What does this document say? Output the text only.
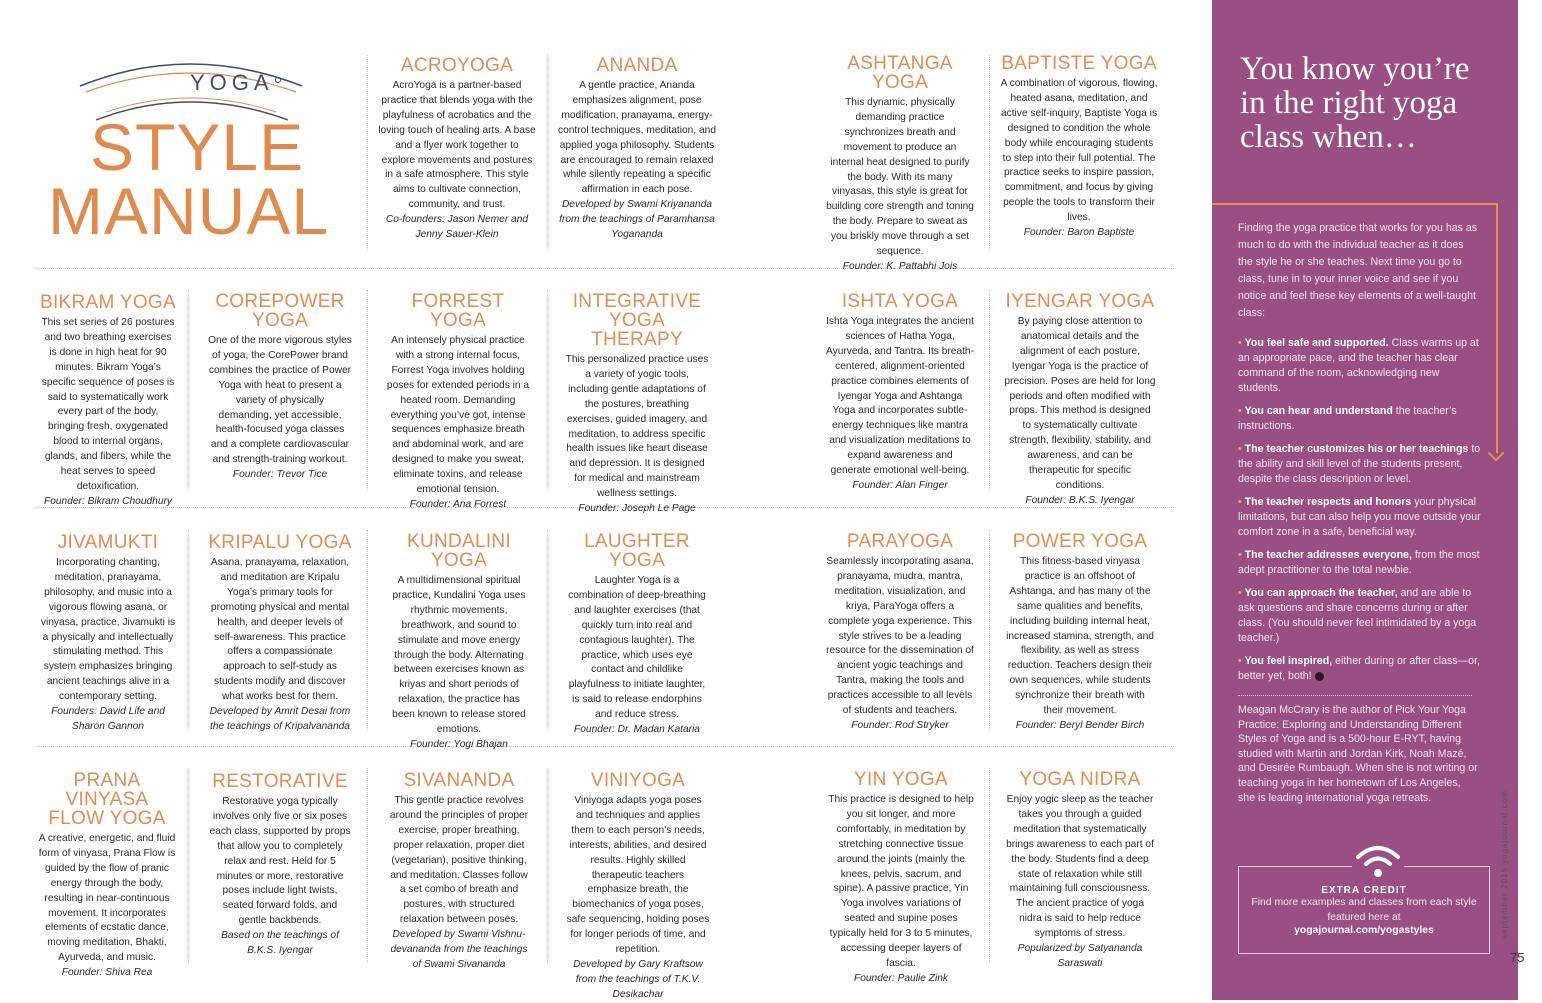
YOGA
STYLE
MANUAL
ACROYOGA

AcroYoga is a partner-based practice that blends yoga with the playfulness of acrobatics and the loving touch of healing arts. A base and a flyer work together to explore movements and postures in a safe atmosphere. This style aims to cultivate connection, community, and trust.

Co-founders: Jason Nemer and Jenny Sauer-Klein

ANANDA

A gentle practice, Ananda emphasizes alignment, pose modification, pranayama, energy-control techniques, meditation, and applied yoga philosophy. Students are encouraged to remain relaxed while silently repeating a specific affirmation in each pose.

Developed by Swami Kriyananda from the teachings of Paramhansa Yogananda

ASHTANGA YOGA

This dynamic, physically demanding practice synchronizes breath and movement to produce an internal heat designed to purify the body. With its many vinyasas, this style is great for building core strength and toning the body. Prepare to sweat as you briskly move through a set sequence.

Founder: K. Pattabhi Jois

BAPTISTE YOGA

A combination of vigorous, flowing, heated asana, meditation, and active self-inquiry, Baptiste Yoga is designed to condition the whole body while encouraging students to step into their full potential. The practice seeks to inspire passion, commitment, and focus by giving people the tools to transform their lives.

Founder: Baron Baptiste

BIKRAM YOGA

This set series of 26 postures and two breathing exercises is done in high heat for 90 minutes. Bikram Yoga’s specific sequence of poses is said to systematically work every part of the body, bringing fresh, oxygenated blood to internal organs, glands, and fibers, while the heat serves to speed detoxification.

Founder: Bikram Choudhury

COREPOWER YOGA

One of the more vigorous styles of yoga, the CorePower brand combines the practice of Power Yoga with heat to present a variety of physically demanding, yet accessible, health-focused yoga classes and a complete cardiovascular and strength-training workout.

Founder: Trevor Tice

FORREST YOGA

An intensely physical practice with a strong internal focus, Forrest Yoga involves holding poses for extended periods in a heated room. Demanding everything you’ve got, intense sequences emphasize breath and abdominal work, and are designed to make you sweat, eliminate toxins, and release emotional tension.

Founder: Ana Forrest

INTEGRATIVE YOGA THERAPY

This personalized practice uses a variety of yogic tools, including gentle adaptations of the postures, breathing exercises, guided imagery, and meditation, to address specific health issues like heart disease and depression. It is designed for medical and mainstream wellness settings.

Founder: Joseph Le Page

ISHTA YOGA

Ishta Yoga integrates the ancient sciences of Hatha Yoga, Ayurveda, and Tantra. Its breath-centered, alignment-oriented practice combines elements of Iyengar Yoga and Ashtanga Yoga and incorporates subtle-energy techniques like mantra and visualization meditations to expand awareness and generate emotional well-being.

Founder: Alan Finger

IYENGAR YOGA

By paying close attention to anatomical details and the alignment of each posture, Iyengar Yoga is the practice of precision. Poses are held for long periods and often modified with props. This method is designed to systematically cultivate strength, flexibility, stability, and awareness, and can be therapeutic for specific conditions.

Founder: B.K.S. Iyengar

JIVAMUKTI

Incorporating chanting, meditation, pranayama, philosophy, and music into a vigorous flowing asana, or vinyasa, practice, Jivamukti is a physically and intellectually stimulating method. This system emphasizes bringing ancient teachings alive in a contemporary setting.

Founders: David Life and Sharon Gannon

KRIPALU YOGA

Asana, pranayama, relaxation, and meditation are Kripalu Yoga’s primary tools for promoting physical and mental health, and deeper levels of self-awareness. This practice offers a compassionate approach to self-study as students modify and discover what works best for them.

Developed by Amrit Desai from the teachings of Kripalvananda

KUNDALINI YOGA

A multidimensional spiritual practice, Kundalini Yoga uses rhythmic movements, breathwork, and sound to stimulate and move energy through the body. Alternating between exercises known as kriyas and short periods of relaxation, the practice has been known to release stored emotions.

Founder: Yogi Bhajan

LAUGHTER YOGA

Laughter Yoga is a combination of deep-breathing and laughter exercises (that quickly turn into real and contagious laughter). The practice, which uses eye contact and childlike playfulness to initiate laughter, is said to release endorphins and reduce stress.

Founder: Dr. Madan Kataria

PARAYOGA

Seamlessly incorporating asana, pranayama, mudra, mantra, meditation, visualization, and kriya, ParaYoga offers a complete yoga experience. This style strives to be a leading resource for the dissemination of ancient yogic teachings and Tantra, making the tools and practices accessible to all levels of students and teachers.

Founder: Rod Stryker

POWER YOGA

This fitness-based vinyasa practice is an offshoot of Ashtanga, and has many of the same qualities and benefits, including building internal heat, increased stamina, strength, and flexibility, as well as stress reduction. Teachers design their own sequences, while students synchronize their breath with their movement.

Founder: Beryl Bender Birch

PRANA VINYASA FLOW YOGA

A creative, energetic, and fluid form of vinyasa, Prana Flow is guided by the flow of pranic energy through the body, resulting in near-continuous movement. It incorporates elements of ecstatic dance, moving meditation, Bhakti, Ayurveda, and music.

Founder: Shiva Rea

RESTORATIVE

Restorative yoga typically involves only five or six poses each class, supported by props that allow you to completely relax and rest. Held for 5 minutes or more, restorative poses include light twists, seated forward folds, and gentle backbends.

Based on the teachings of B.K.S. Iyengar

SIVANANDA

This gentle practice revolves around the principles of proper exercise, proper breathing, proper relaxation, proper diet (vegetarian), positive thinking, and meditation. Classes follow a set combo of breath and postures, with structured relaxation between poses.

Developed by Swami Vishnu-devananda from the teachings of Swami Sivananda

VINIYOGA

Viniyoga adapts yoga poses and techniques and applies them to each person’s needs, interests, abilities, and desired results. Highly skilled therapeutic teachers emphasize breath, the biomechanics of yoga poses, safe sequencing, holding poses for longer periods of time, and repetition.

Developed by Gary Kraftsow from the teachings of T.K.V. Desikachar

YIN YOGA

This practice is designed to help you sit longer, and more comfortably, in meditation by stretching connective tissue around the joints (mainly the knees, pelvis, sacrum, and spine). A passive practice, Yin Yoga involves variations of seated and supine poses typically held for 3 to 5 minutes, accessing deeper layers of fascia.

Founder: Paulie Zink

YOGA NIDRA

Enjoy yogic sleep as the teacher takes you through a guided meditation that systematically brings awareness to each part of the body. Students find a deep state of relaxation while still maintaining full consciousness. The ancient practice of yoga nidra is said to help reduce symptoms of stress.

Popularized by Satyananda Saraswati

You know you’re in the right yoga class when…
Finding the yoga practice that works for you has as much to do with the individual teacher as it does the style he or she teaches. Next time you go to class, tune in to your inner voice and see if you notice and feel these key elements of a well-taught class:
• You feel safe and supported. Class warms up at an appropriate pace, and the teacher has clear command of the room, acknowledging new students.
• You can hear and understand the teacher’s instructions.
• The teacher customizes his or her teachings to the ability and skill level of the students present, despite the class description or level.
• The teacher respects and honors your physical limitations, but can also help you move outside your comfort zone in a safe, beneficial way.
• The teacher addresses everyone, from the most adept practitioner to the total newbie.
• You can approach the teacher, and are able to ask questions and share concerns during or after class. (You should never feel intimidated by a yoga teacher.)
• You feel inspired, either during or after class—or, better yet, both!
Meagan McCrary is the author of Pick Your Yoga Practice: Exploring and Understanding Different Styles of Yoga and is a 500-hour E-RYT, having studied with Martin and Jordan Kirk, Noah Mazé, and Desirée Rumbaugh. When she is not writing or teaching yoga in her hometown of Los Angeles, she is leading international yoga retreats.
EXTRA CREDIT
Find more examples and classes from each style featured here at
yogajournal.com/yogastyles	september 2015 yogajournal.com
75
